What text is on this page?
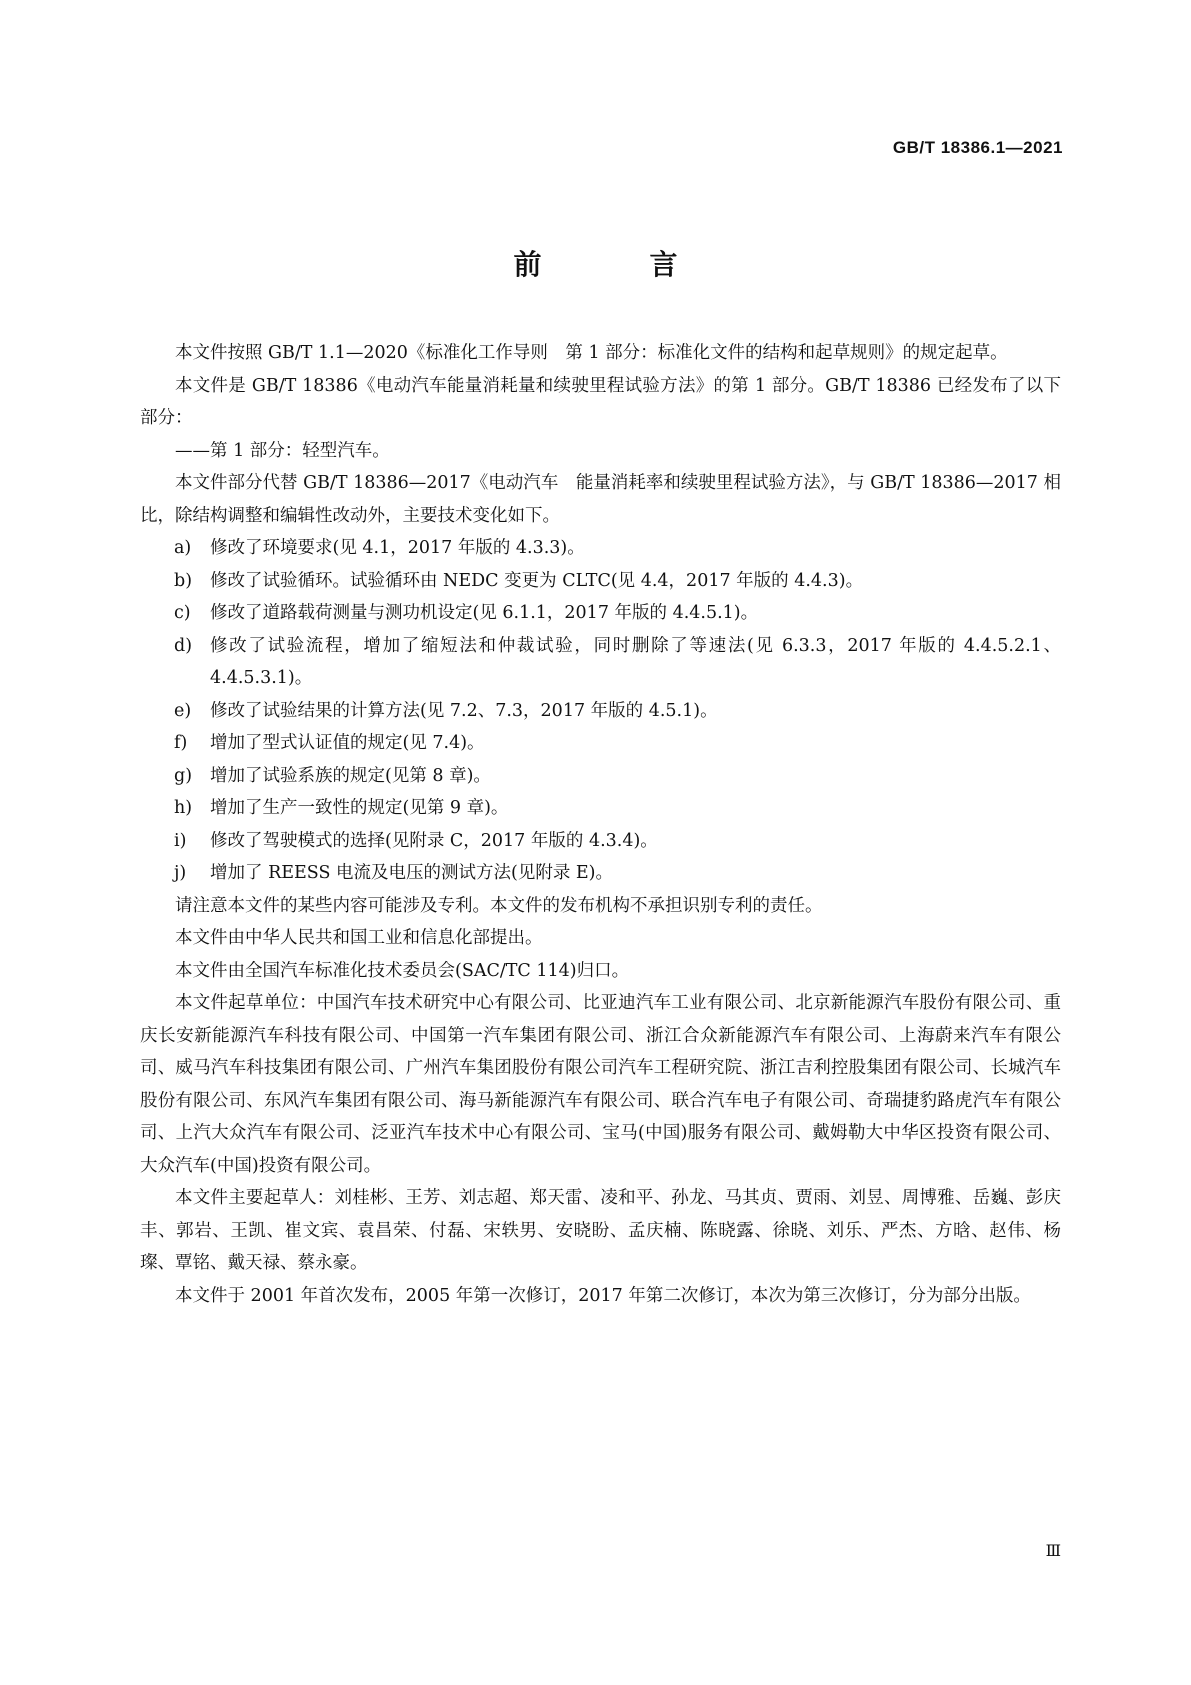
GB/T 18386.1—2021
前　言

本文件按照 GB/T 1.1—2020《标准化工作导则　第 1 部分：标准化文件的结构和起草规则》的规定起草。

本文件是 GB/T 18386《电动汽车能量消耗量和续驶里程试验方法》的第 1 部分。GB/T 18386 已经发布了以下部分：

——第 1 部分：轻型汽车。

本文件部分代替 GB/T 18386—2017《电动汽车　能量消耗率和续驶里程试验方法》，与 GB/T 18386—2017 相比，除结构调整和编辑性改动外，主要技术变化如下。

a) 修改了环境要求(见 4.1，2017 年版的 4.3.3)。
b) 修改了试验循环。试验循环由 NEDC 变更为 CLTC(见 4.4，2017 年版的 4.4.3)。
c) 修改了道路载荷测量与测功机设定(见 6.1.1，2017 年版的 4.4.5.1)。
d) 修改了试验流程，增加了缩短法和仲裁试验，同时删除了等速法(见 6.3.3，2017 年版的 4.4.5.2.1、4.4.5.3.1)。
e) 修改了试验结果的计算方法(见 7.2、7.3，2017 年版的 4.5.1)。
f) 增加了型式认证值的规定(见 7.4)。
g) 增加了试验系族的规定(见第 8 章)。
h) 增加了生产一致性的规定(见第 9 章)。
i) 修改了驾驶模式的选择(见附录 C，2017 年版的 4.3.4)。
j) 增加了 REESS 电流及电压的测试方法(见附录 E)。

请注意本文件的某些内容可能涉及专利。本文件的发布机构不承担识别专利的责任。

本文件由中华人民共和国工业和信息化部提出。

本文件由全国汽车标准化技术委员会(SAC/TC 114)归口。

本文件起草单位：中国汽车技术研究中心有限公司、比亚迪汽车工业有限公司、北京新能源汽车股份有限公司、重庆长安新能源汽车科技有限公司、中国第一汽车集团有限公司、浙江合众新能源汽车有限公司、上海蔚来汽车有限公司、威马汽车科技集团有限公司、广州汽车集团股份有限公司汽车工程研究院、浙江吉利控股集团有限公司、长城汽车股份有限公司、东风汽车集团有限公司、海马新能源汽车有限公司、联合汽车电子有限公司、奇瑞捷豹路虎汽车有限公司、上汽大众汽车有限公司、泛亚汽车技术中心有限公司、宝马(中国)服务有限公司、戴姆勒大中华区投资有限公司、大众汽车(中国)投资有限公司。

本文件主要起草人：刘桂彬、王芳、刘志超、郑天雷、凌和平、孙龙、马其贞、贾雨、刘昱、周博雅、岳巍、彭庆丰、郭岩、王凯、崔文宾、袁昌荣、付磊、宋轶男、安晓盼、孟庆楠、陈晓露、徐晓、刘乐、严杰、方晗、赵伟、杨璨、覃铭、戴天禄、蔡永豪。

本文件于 2001 年首次发布，2005 年第一次修订，2017 年第二次修订，本次为第三次修订，分为部分出版。

Ⅲ
